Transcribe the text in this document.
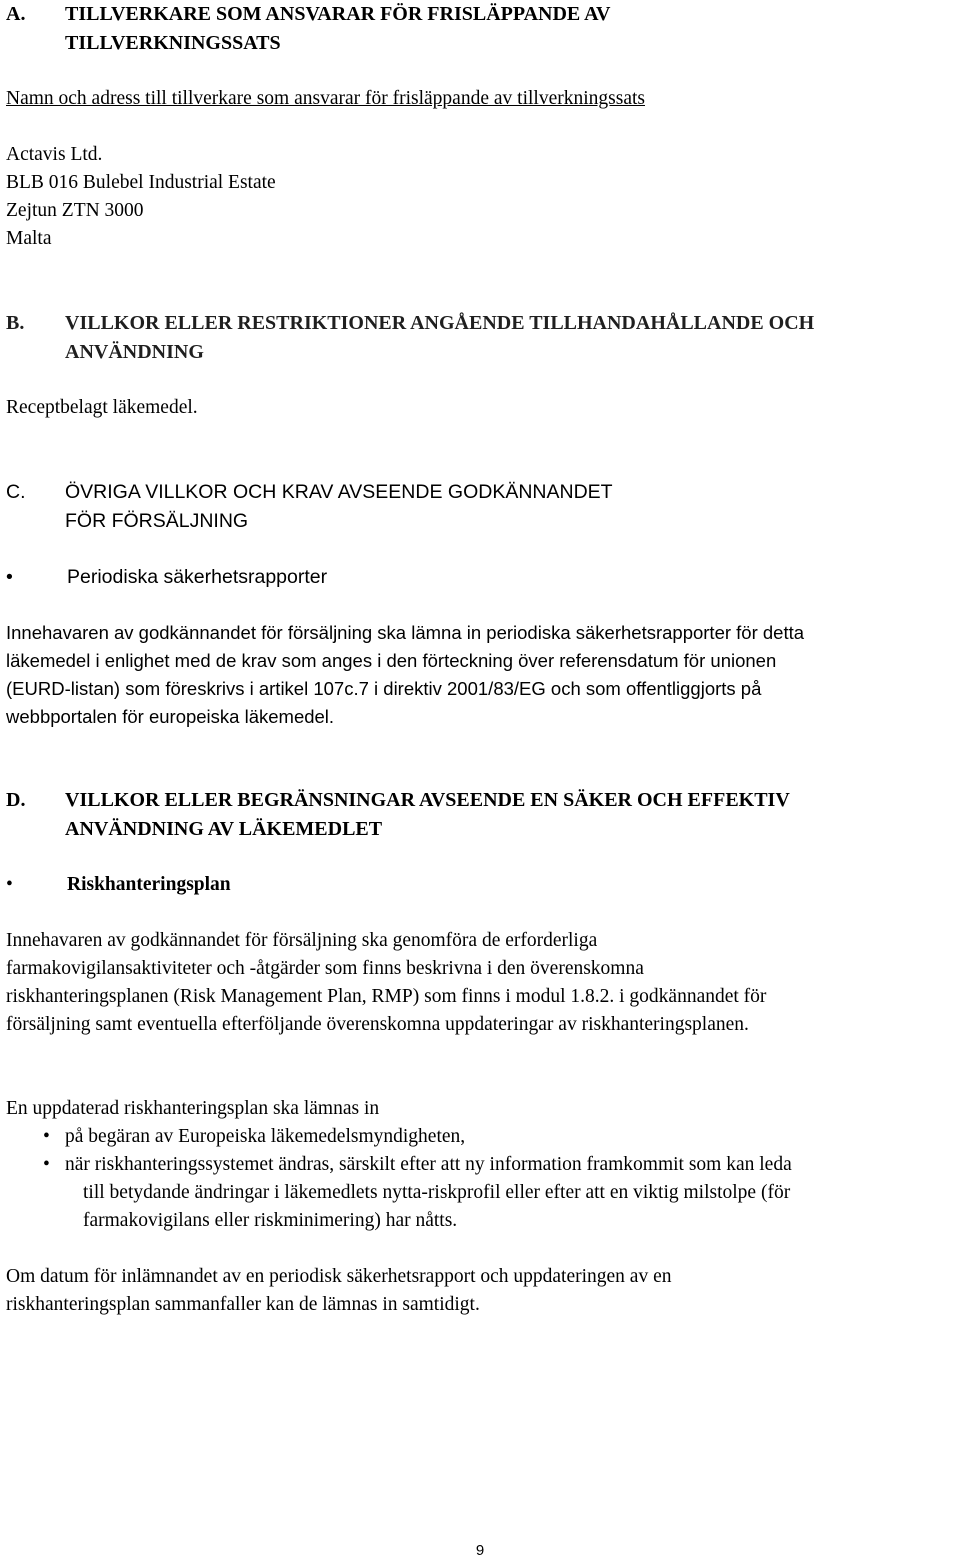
A. TILLVERKARE SOM ANSVARAR FÖR FRISLÄPPANDE AV
TILLVERKNINGSSATS
Namn och adress till tillverkare som ansvarar för frisläppande av tillverkningssats
Actavis Ltd.
BLB 016 Bulebel Industrial Estate
Zejtun ZTN 3000
Malta
B. VILLKOR ELLER RESTRIKTIONER ANGÅENDE TILLHANDAHÅLLANDE OCH
ANVÄNDNING
Receptbelagt läkemedel.
C. ÖVRIGA VILLKOR OCH KRAV AVSEENDE GODKÄNNANDET
FÖR FÖRSÄLJNING
•	Periodiska säkerhetsrapporter
Innehavaren av godkännandet för försäljning ska lämna in periodiska säkerhetsrapporter för detta
läkemedel i enlighet med de krav som anges i den förteckning över referensdatum för unionen
(EURD-listan) som föreskrivs i artikel 107c.7 i direktiv 2001/83/EG och som offentliggjorts på
webbportalen för europeiska läkemedel.
D. VILLKOR ELLER BEGRÄNSNINGAR AVSEENDE EN SÄKER OCH EFFEKTIV
ANVÄNDNING AV LÄKEMEDLET
•	Riskhanteringsplan
Innehavaren av godkännandet för försäljning ska genomföra de erforderliga
farmakovigilansaktiviteter och -åtgärder som finns beskrivna i den överenskomna
riskhanteringsplanen (Risk Management Plan, RMP) som finns i modul 1.8.2. i godkännandet för
försäljning samt eventuella efterföljande överenskomna uppdateringar av riskhanteringsplanen.
En uppdaterad riskhanteringsplan ska lämnas in
• på begäran av Europeiska läkemedelsmyndigheten,
• när riskhanteringssystemet ändras, särskilt efter att ny information framkommit som kan leda
till betydande ändringar i läkemedlets nytta-riskprofil eller efter att en viktig milstolpe (för
farmakovigilans eller riskminimering) har nåtts.
Om datum för inlämnandet av en periodisk säkerhetsrapport och uppdateringen av en
riskhanteringsplan sammanfaller kan de lämnas in samtidigt.
9
